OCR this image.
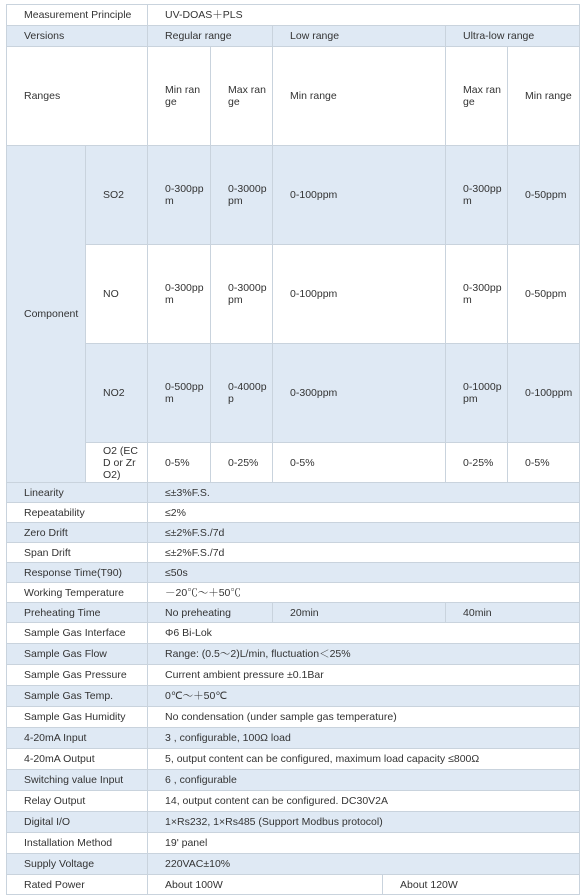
Measurement Principle		UV-DOAS＋PLS						
Versions		Regular range		Low range		Ultra-low range		
Ranges		Min range	Max range	Min range		Max range	Min range	
Component	SO2	0-300ppm	0-3000ppm	0-100ppm		0-300ppm	0-50ppm	
	NO	0-300ppm	0-3000ppm	0-100ppm		0-300ppm	0-50ppm	
	NO2	0-500ppm	0-4000pp	0-300ppm		0-1000ppm	0-100ppm	
	O2 (ECD or ZrO2)	0-5%	0-25%	0-5%		0-25%	0-5%	
Linearity		≤±3%F.S.						
Repeatability		≤2%						
Zero Drift		≤±2%F.S./7d						
Span Drift		≤±2%F.S./7d						
Response Time(T90)		≤50s						
Working Temperature		－20℃～＋50℃						
Preheating Time		No preheating		20min		40min		
Sample Gas Interface		Φ6 Bi-Lok						
Sample Gas Flow		Range: (0.5～2)L/min, fluctuation＜25%						
Sample Gas Pressure		Current ambient pressure ±0.1Bar						
Sample Gas Temp.		0℃～＋50℃						
Sample Gas Humidity		No condensation (under sample gas temperature)						
4-20mA Input		3 , configurable, 100Ω load						
4-20mA Output		5, output content can be configured, maximum load capacity ≤800Ω						
Switching value Input		6 , configurable						
Relay Output		14, output content can be configured. DC30V2A						
Digital I/O		1×Rs232, 1×Rs485 (Support Modbus protocol)						
Installation Method		19' panel						
Supply Voltage		220VAC±10%						
Rated Power		About 100W			About 120W			
